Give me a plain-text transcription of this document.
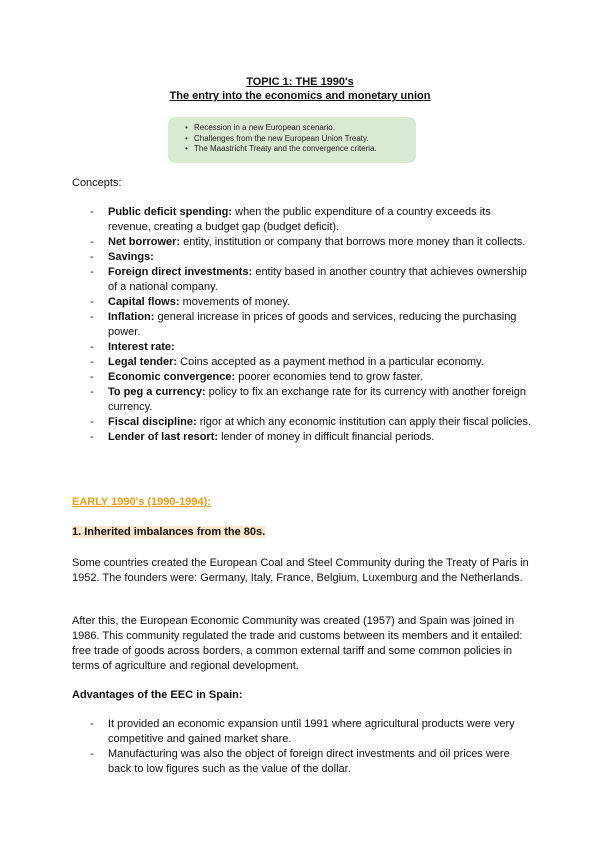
TOPIC 1: THE 1990's
The entry into the economics and monetary union
• Recession in a new European scenario.
• Challenges from the new European Union Treaty.
• The Maastricht Treaty and the convergence criteria.
Concepts:
- Public deficit spending: when the public expenditure of a country exceeds its revenue, creating a budget gap (budget deficit).
- Net borrower: entity, institution or company that borrows more money than it collects.
- Savings:
- Foreign direct investments: entity based in another country that achieves ownership of a national company.
- Capital flows: movements of money.
- Inflation: general increase in prices of goods and services, reducing the purchasing power.
- Interest rate:
- Legal tender: Coins accepted as a payment method in a particular economy.
- Economic convergence: poorer economies tend to grow faster.
- To peg a currency: policy to fix an exchange rate for its currency with another foreign currency.
- Fiscal discipline: rigor at which any economic institution can apply their fiscal policies.
- Lender of last resort: lender of money in difficult financial periods.
EARLY 1990's (1990-1994):
1. Inherited imbalances from the 80s.
Some countries created the European Coal and Steel Community during the Treaty of Paris in 1952. The founders were: Germany, Italy, France, Belgium, Luxemburg and the Netherlands.
After this, the European Economic Community was created (1957) and Spain was joined in 1986. This community regulated the trade and customs between its members and it entailed: free trade of goods across borders, a common external tariff and some common policies in terms of agriculture and regional development.
Advantages of the EEC in Spain:
- It provided an economic expansion until 1991 where agricultural products were very competitive and gained market share.
- Manufacturing was also the object of foreign direct investments and oil prices were back to low figures such as the value of the dollar.
